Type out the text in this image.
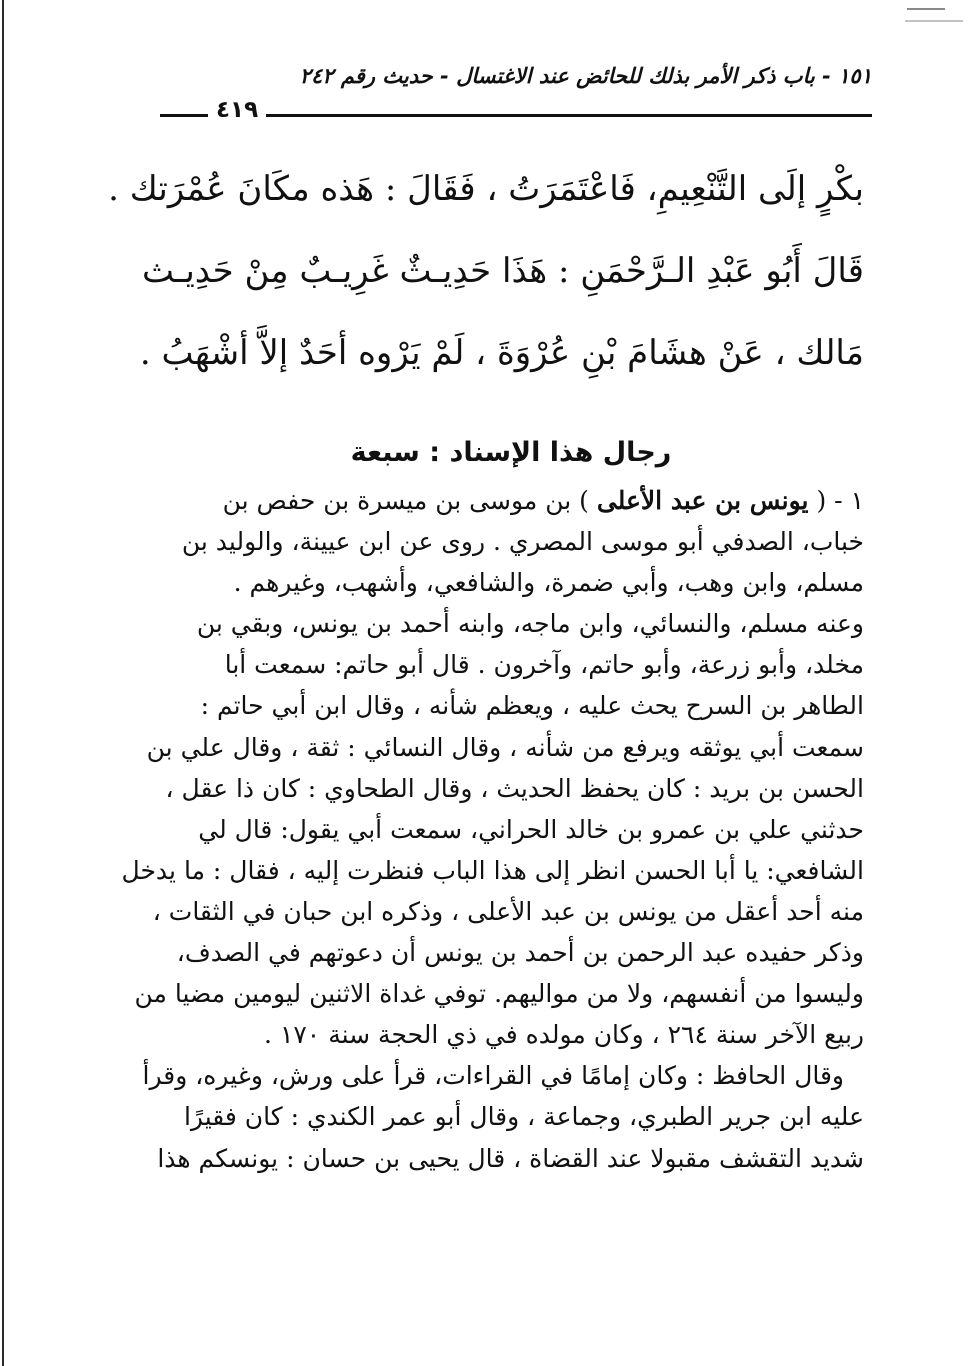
١٥١ - باب ذكر الأمر بذلك للحائض عند الاغتسال - حديث رقم ٢٤٢
٤١٩
بكْرٍ إلَى التَّنْعِيمِ، فَاعْتَمَرَتُ ، فَقَالَ : هَذه مكَانَ عُمْرَتك .
قَالَ أَبُو عَبْدِ الـرَّحْمَنِ : هَذَا حَدِيـثٌ غَرِيـبٌ مِنْ حَدِيـث
مَالك ، عَنْ هشَامَ بْنِ عُرْوَةَ ، لَمْ يَرْوه أحَدٌ إلاَّ أشْهَبُ .
رجال هذا الإسناد : سبعة
١ - ( يونس بن عبد الأعلى ) بن موسى بن ميسرة بن حفص بن
خباب، الصدفي أبو موسى المصري . روى عن ابن عيينة، والوليد بن
مسلم، وابن وهب، وأبي ضمرة، والشافعي، وأشهب، وغيرهم .
وعنه مسلم، والنسائي، وابن ماجه، وابنه أحمد بن يونس، وبقي بن
مخلد، وأبو زرعة، وأبو حاتم، وآخرون . قال أبو حاتم: سمعت أبا
الطاهر بن السرح يحث عليه ، ويعظم شأنه ، وقال ابن أبي حاتم :
سمعت أبي يوثقه ويرفع من شأنه ، وقال النسائي : ثقة ، وقال علي بن
الحسن بن بريد : كان يحفظ الحديث ، وقال الطحاوي : كان ذا عقل ،
حدثني علي بن عمرو بن خالد الحراني، سمعت أبي يقول: قال لي
الشافعي: يا أبا الحسن انظر إلى هذا الباب فنظرت إليه ، فقال : ما يدخل
منه أحد أعقل من يونس بن عبد الأعلى ، وذكره ابن حبان في الثقات ،
وذكر حفيده عبد الرحمن بن أحمد بن يونس أن دعوتهم في الصدف،
وليسوا من أنفسهم، ولا من مواليهم. توفي غداة الاثنين ليومين مضيا من
ربيع الآخر سنة ٢٦٤ ، وكان مولده في ذي الحجة سنة ١٧٠ .
وقال الحافظ : وكان إمامًا في القراءات، قرأ على ورش، وغيره، وقرأ
عليه ابن جرير الطبري، وجماعة ، وقال أبو عمر الكندي : كان فقيرًا
شديد التقشف مقبولا عند القضاة ، قال يحيى بن حسان : يونسكم هذا
